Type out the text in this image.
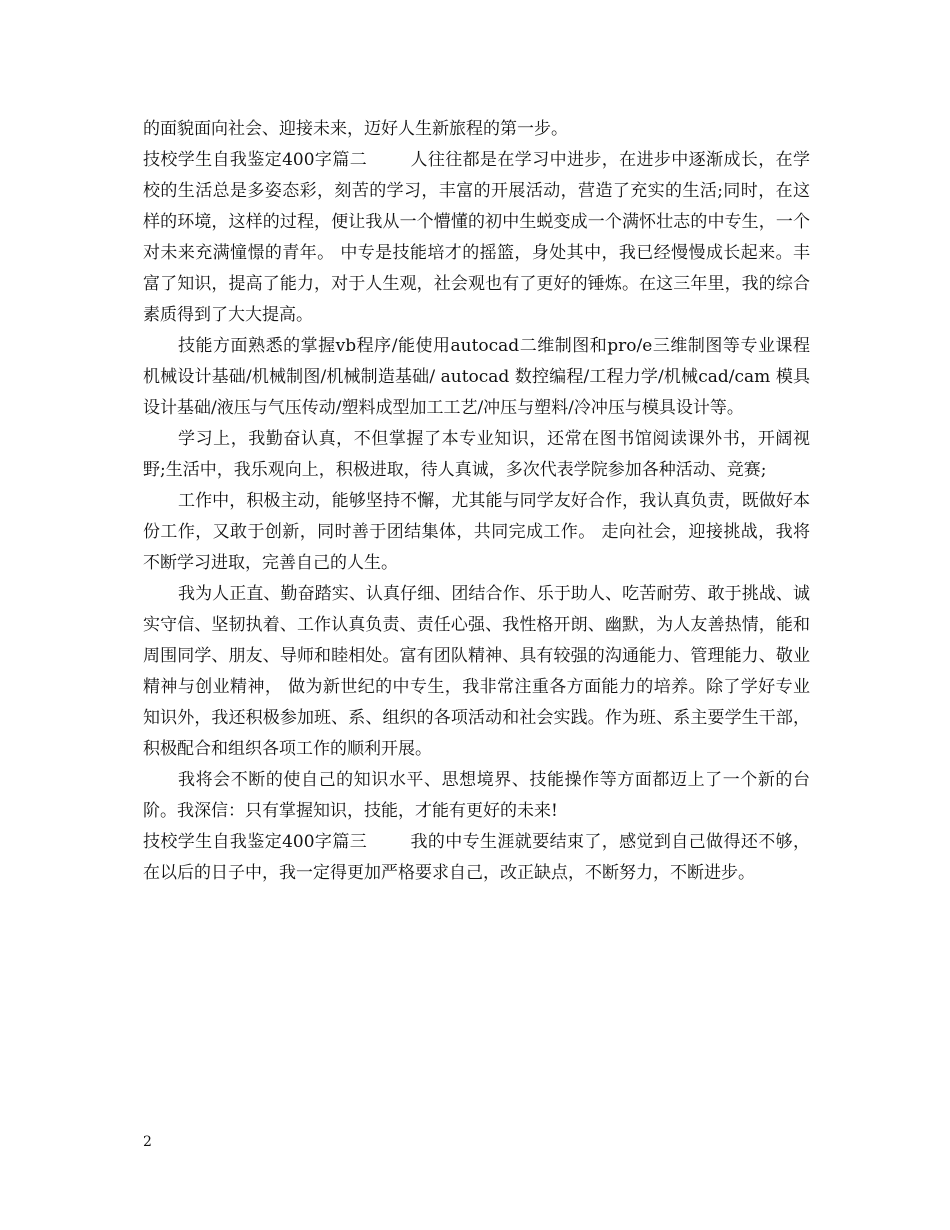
的面貌面向社会、迎接未来，迈好人生新旅程的第一步。

技校学生自我鉴定400字篇二	人往往都是在学习中进步，在进步中逐渐成长，在学校的生活总是多姿态彩，刻苦的学习，丰富的开展活动，营造了充实的生活;同时，在这样的环境，这样的过程，便让我从一个懵懂的初中生蜕变成一个满怀壮志的中专生，一个对未来充满憧憬的青年。 中专是技能培才的摇篮，身处其中，我已经慢慢成长起来。丰富了知识，提高了能力，对于人生观，社会观也有了更好的锤炼。在这三年里，我的综合素质得到了大大提高。

技能方面熟悉的掌握vb程序/能使用autocad二维制图和pro/e三维制图等专业课程机械设计基础/机械制图/机械制造基础/ autocad 数控编程/工程力学/机械cad/cam 模具设计基础/液压与气压传动/塑料成型加工工艺/冲压与塑料/冷冲压与模具设计等。

学习上，我勤奋认真，不但掌握了本专业知识，还常在图书馆阅读课外书，开阔视野;生活中，我乐观向上，积极进取，待人真诚，多次代表学院参加各种活动、竞赛;

工作中，积极主动，能够坚持不懈，尤其能与同学友好合作，我认真负责，既做好本份工作，又敢于创新，同时善于团结集体，共同完成工作。 走向社会，迎接挑战，我将不断学习进取，完善自己的人生。

我为人正直、勤奋踏实、认真仔细、团结合作、乐于助人、吃苦耐劳、敢于挑战、诚实守信、坚韧执着、工作认真负责、责任心强、我性格开朗、幽默，为人友善热情，能和周围同学、朋友、导师和睦相处。富有团队精神、具有较强的沟通能力、管理能力、敬业精神与创业精神， 做为新世纪的中专生，我非常注重各方面能力的培养。除了学好专业知识外，我还积极参加班、系、组织的各项活动和社会实践。作为班、系主要学生干部，积极配合和组织各项工作的顺利开展。

我将会不断的使自己的知识水平、思想境界、技能操作等方面都迈上了一个新的台阶。我深信：只有掌握知识，技能，才能有更好的未来!

技校学生自我鉴定400字篇三	我的中专生涯就要结束了，感觉到自己做得还不够，在以后的日子中，我一定得更加严格要求自己，改正缺点，不断努力，不断进步。

2
